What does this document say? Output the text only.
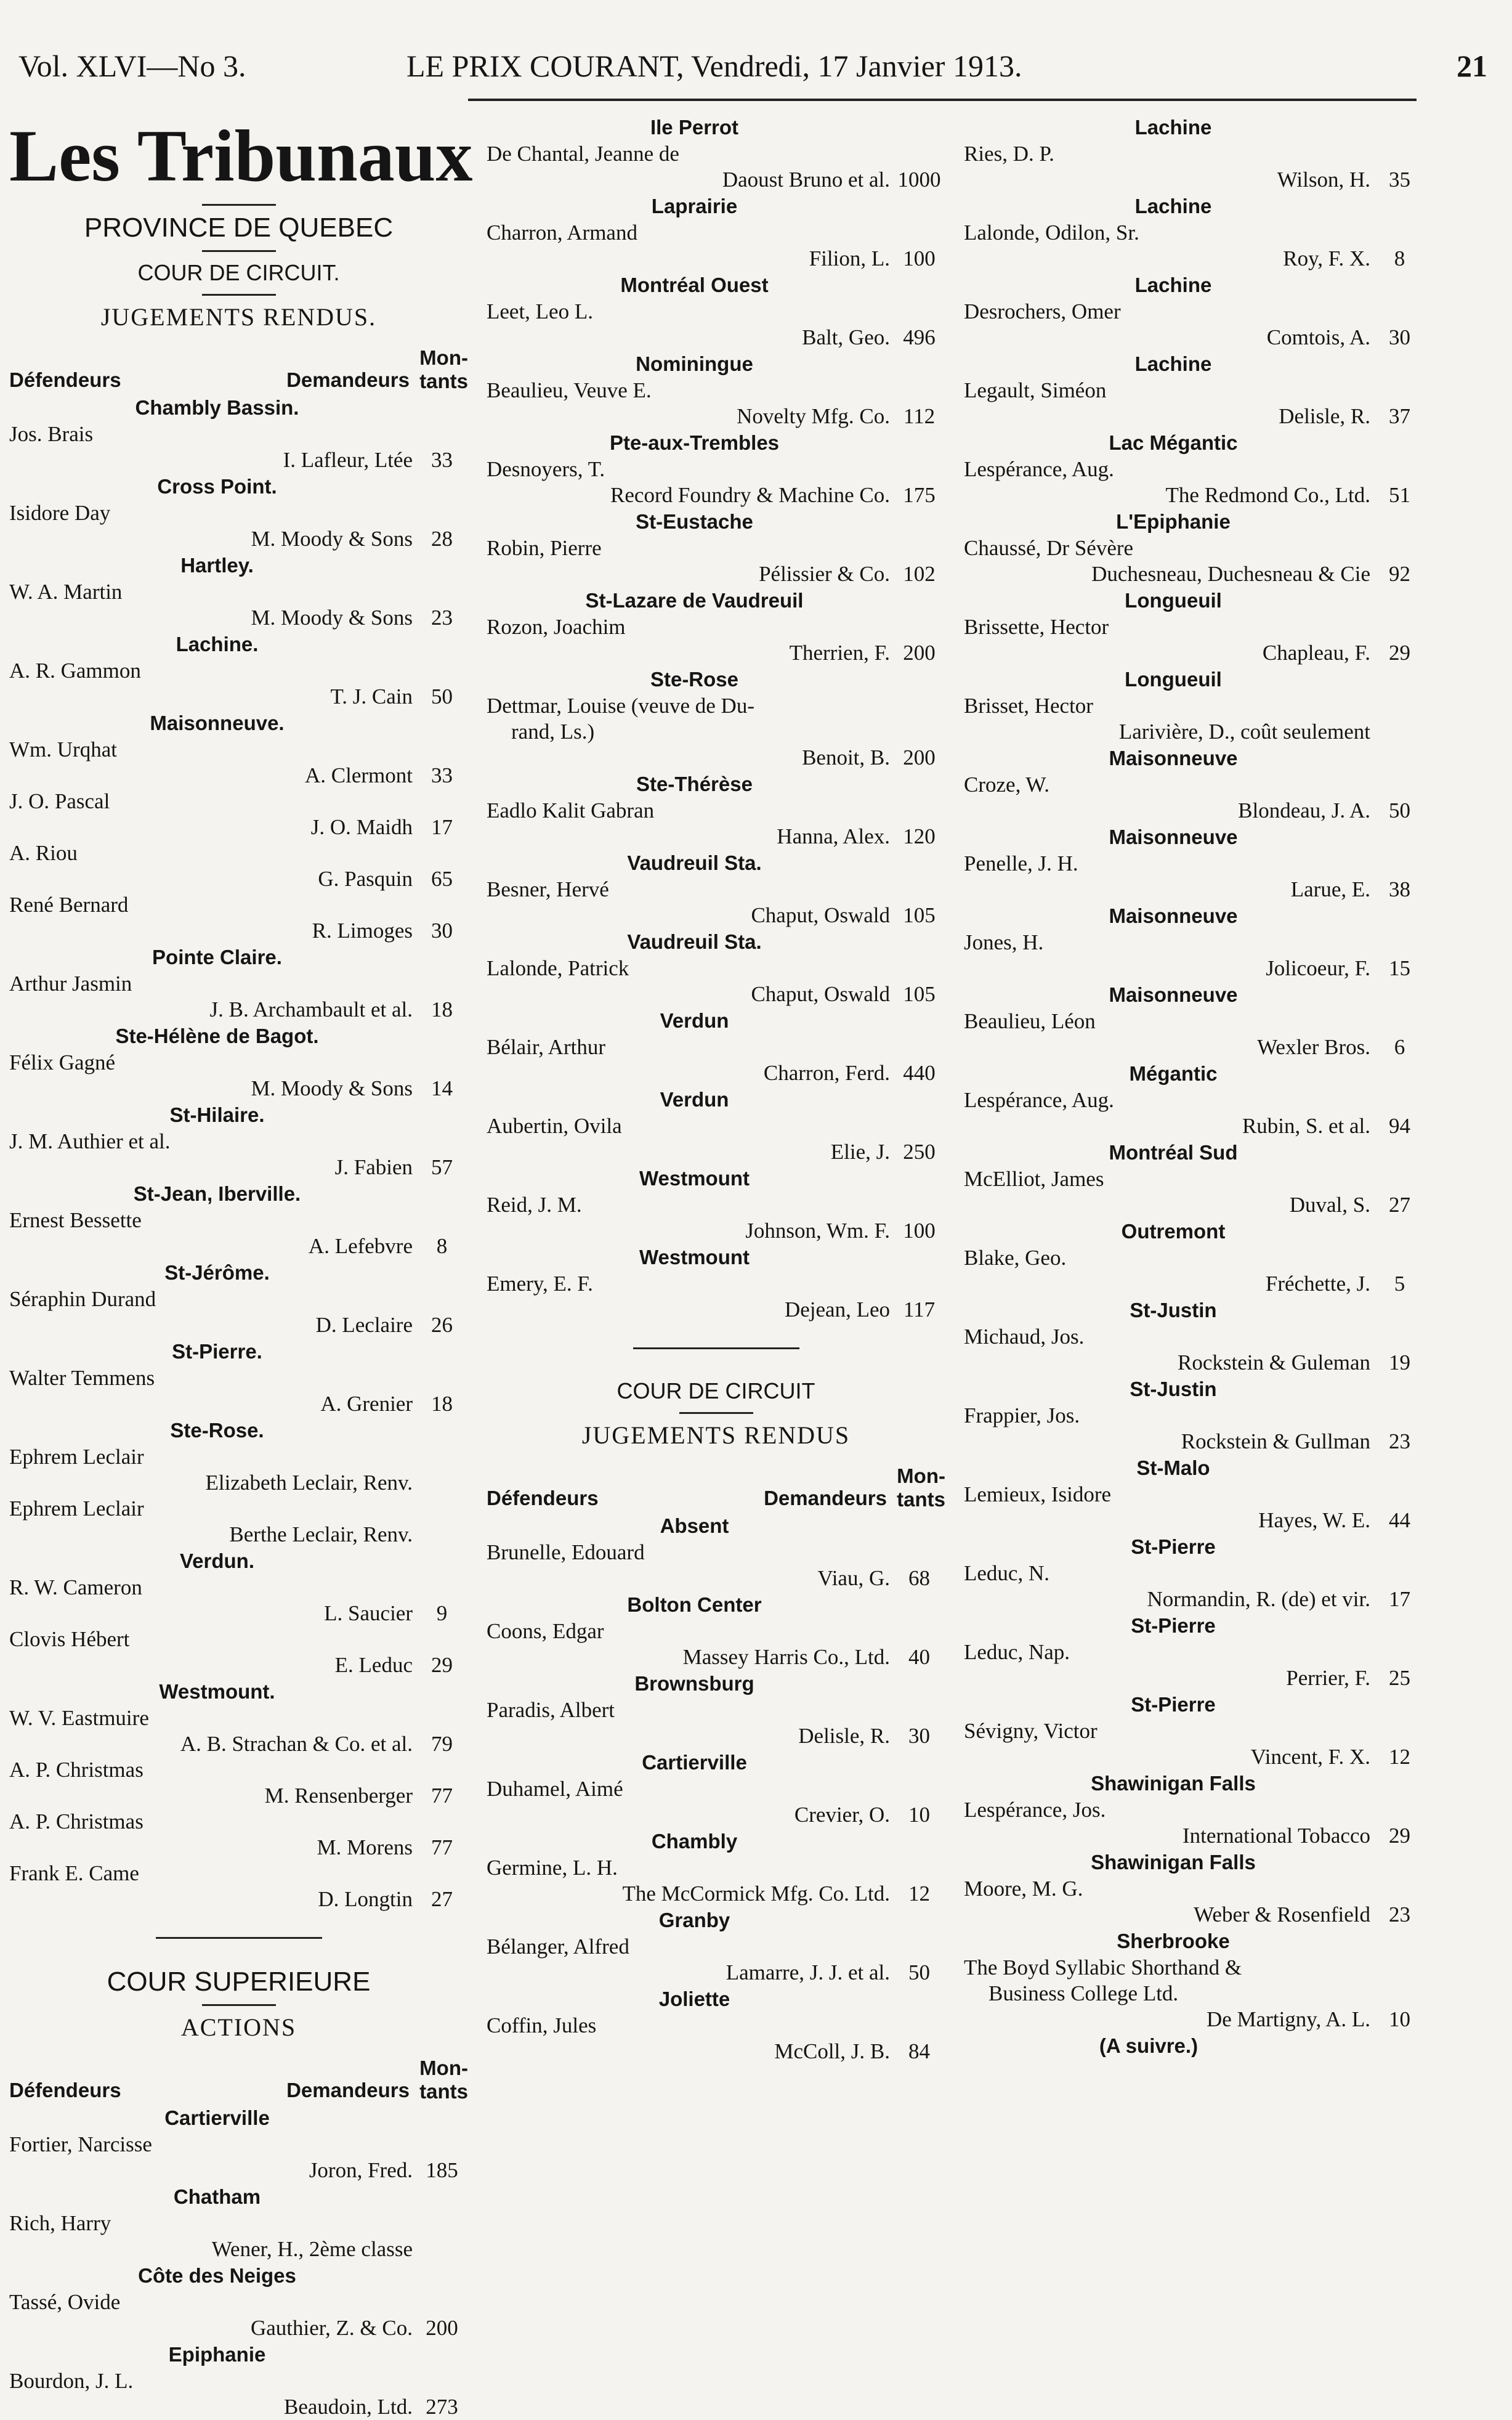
Vol. XLVI—No 3.	LE PRIX COURANT, Vendredi, 17 Janvier 1913.	21
Les Tribunaux
PROVINCE DE QUEBEC
COUR DE CIRCUIT.
JUGEMENTS RENDUS.
Défendeurs	Demandeurs
Mon-
tants
Chambly Bassin.
Jos. Brais
I. Lafleur, Ltée 33
Cross Point.
Isidore Day
M. Moody & Sons 28
Hartley.
W. A. Martin
M. Moody & Sons 23
Lachine.
A. R. Gammon
T. J. Cain 50
Maisonneuve.
Wm. Urqhat
A. Clermont 33
J. O. Pascal
J. O. Maidh 17
A. Riou
G. Pasquin 65
René Bernard
R. Limoges 30
Pointe Claire.
Arthur Jasmin
J. B. Archambault et al. 18
Ste-Hélène de Bagot.
Félix Gagné
M. Moody & Sons 14
St-Hilaire.
J. M. Authier et al.
J. Fabien 57
St-Jean, Iberville.
Ernest Bessette
A. Lefebvre	8
St-Jérôme.
Séraphin Durand
D. Leclaire 26
St-Pierre.
Walter Temmens
A. Grenier 18
Ste-Rose.
Ephrem Leclair
Elizabeth Leclair, Renv.
Ephrem Leclair
Berthe Leclair, Renv.
Verdun.
R. W. Cameron
L. Saucier	9
Clovis Hébert
E. Leduc 29
Westmount.
W. V. Eastmuire
A. B. Strachan & Co. et al. 79
A. P. Christmas
M. Rensenberger 77
A. P. Christmas
M. Morens 77
Frank E. Came
D. Longtin 27
COUR SUPERIEURE
ACTIONS
Défendeurs	Demandeurs
Mon-
tants
Cartierville
Fortier, Narcisse
Joron, Fred. 185
Chatham
Rich, Harry
Wener, H., 2ème classe
Côte des Neiges
Tassé, Ovide
Gauthier, Z. & Co. 200
Epiphanie
Bourdon, J. L.
Beaudoin, Ltd. 273
Ile Perrot
De Chantal, Jeanne de
Daoust Bruno et al. 1000
Laprairie
Charron, Armand
Filion, L. 100
Montréal Ouest
Leet, Leo L.
Balt, Geo. 496
Nominingue
Beaulieu, Veuve E.
Novelty Mfg. Co. 112
Pte-aux-Trembles
Desnoyers, T.
Record Foundry & Machine Co. 175
St-Eustache
Robin, Pierre
Pélissier & Co. 102
St-Lazare de Vaudreuil
Rozon, Joachim
Therrien, F. 200
Ste-Rose
Dettmar, Louise (veuve de Du-
rand, Ls.)
Benoit, B. 200
Ste-Thérèse
Eadlo Kalit Gabran
Hanna, Alex. 120
Vaudreuil Sta.
Besner, Hervé
Chaput, Oswald 105
Vaudreuil Sta.
Lalonde, Patrick
Chaput, Oswald 105
Verdun
Bélair, Arthur
Charron, Ferd. 440
Verdun
Aubertin, Ovila
Elie, J. 250
Westmount
Reid, J. M.
Johnson, Wm. F. 100
Westmount
Emery, E. F.
Dejean, Leo 117
COUR DE CIRCUIT
JUGEMENTS RENDUS
Défendeurs	Demandeurs
Mon-
tants
Absent
Brunelle, Edouard
Viau, G. 68
Bolton Center
Coons, Edgar
Massey Harris Co., Ltd. 40
Brownsburg
Paradis, Albert
Delisle, R. 30
Cartierville
Duhamel, Aimé
Crevier, O. 10
Chambly
Germine, L. H.
The McCormick Mfg. Co. Ltd. 12
Granby
Bélanger, Alfred
Lamarre, J. J. et al. 50
Joliette
Coffin, Jules
McColl, J. B. 84
Lachine
Ries, D. P.
Wilson, H. 35
Lachine
Lalonde, Odilon, Sr.
Roy, F. X.	8
Lachine
Desrochers, Omer
Comtois, A. 30
Lachine
Legault, Siméon
Delisle, R. 37
Lac Mégantic
Lespérance, Aug.
The Redmond Co., Ltd. 51
L'Epiphanie
Chaussé, Dr Sévère
Duchesneau, Duchesneau & Cie 92
Longueuil
Brissette, Hector
Chapleau, F. 29
Longueuil
Brisset, Hector
Larivière, D., coût seulement
Maisonneuve
Croze, W.
Blondeau, J. A. 50
Maisonneuve
Penelle, J. H.
Larue, E. 38
Maisonneuve
Jones, H.
Jolicoeur, F. 15
Maisonneuve
Beaulieu, Léon
Wexler Bros.	6
Mégantic
Lespérance, Aug.
Rubin, S. et al. 94
Montréal Sud
McElliot, James
Duval, S. 27
Outremont
Blake, Geo.
Fréchette, J.	5
St-Justin
Michaud, Jos.
Rockstein & Guleman 19
St-Justin
Frappier, Jos.
Rockstein & Gullman 23
St-Malo
Lemieux, Isidore
Hayes, W. E. 44
St-Pierre
Leduc, N.
Normandin, R. (de) et vir. 17
St-Pierre
Leduc, Nap.
Perrier, F. 25
St-Pierre
Sévigny, Victor
Vincent, F. X. 12
Shawinigan Falls
Lespérance, Jos.
International Tobacco 29
Shawinigan Falls
Moore, M. G.
Weber & Rosenfield 23
Sherbrooke
The Boyd Syllabic Shorthand &
Business College Ltd.
De Martigny, A. L. 10
(A suivre.)
